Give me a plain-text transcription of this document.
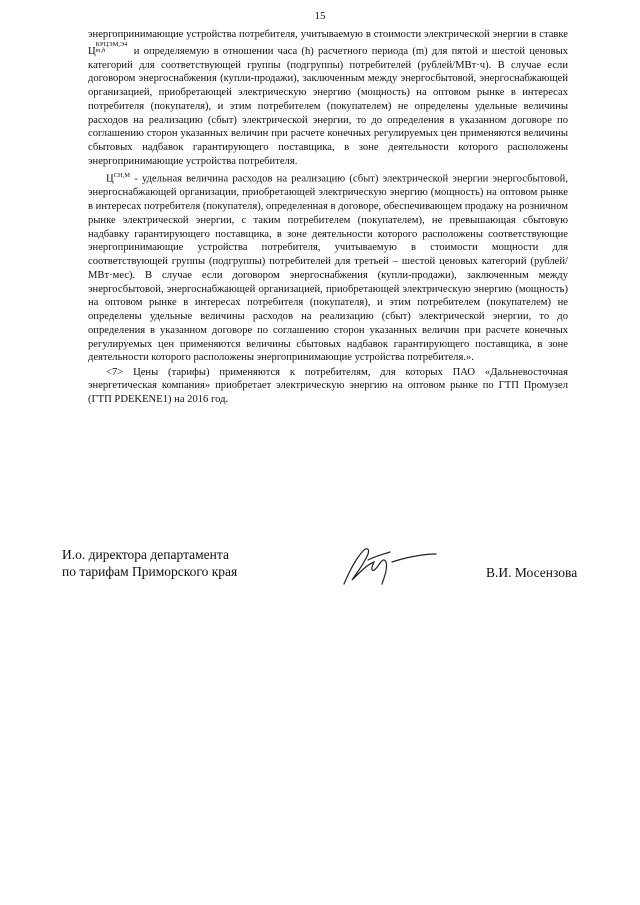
15

энергопринимающие устройства потребителя, учитываемую в стоимости электрической энергии в ставке Ц
КРЦЭМ,Э4
m,h	и определяемую в отношении часа (h) расчетного периода (m) для пятой и шестой ценовых категорий для соответствующей группы (подгруппы) потребителей (рублей/МВт·ч). В случае если договором энергоснабжения (купли-продажи), заключенным между энергосбытовой, энергоснабжающей организацией, приобретающей электрическую энергию (мощность) на оптовом рынке в интересах потребителя (покупателя), и этим потребителем (покупателем) не определены удельные величины расходов на реализацию (сбыт) электрической энергии, то до определения в указанном договоре по соглашению сторон указанных величин при расчете конечных регулируемых цен применяются величины сбытовых надбавок гарантирующего поставщика, в зоне деятельности которого расположены энергопринимающие устройства потребителя.

$Ц^{СН,М}$ - удельная величина расходов на реализацию (сбыт) электрической энергии энергосбытовой, энергоснабжающей организации, приобретающей электрическую энергию (мощность) на оптовом рынке в интересах потребителя (покупателя), определенная в договоре, обеспечивающем продажу на розничном рынке электрической энергии, с таким потребителем (покупателем), не превышающая сбытовую надбавку гарантирующего поставщика, в зоне деятельности которого расположены соответствующие энергопринимающие устройства потребителя, учитываемую в стоимости мощности для соответствующей группы (подгруппы) потребителей для третьей – шестой ценовых категорий (рублей/МВт·мес). В случае если договором энергоснабжения (купли-продажи), заключенным между энергосбытовой, энергоснабжающей организацией, приобретающей электрическую энергию (мощность) на оптовом рынке в интересах потребителя (покупателя), и этим потребителем (покупателем) не определены удельные величины расходов на реализацию (сбыт) электрической энергии, то до определения в указанном договоре по соглашению сторон указанных величин при расчете конечных регулируемых цен применяются величины сбытовых надбавок гарантирующего поставщика, в зоне деятельности которого расположены энергопринимающие устройства потребителя.».

<7> Цены (тарифы) применяются к потребителям, для которых ПАО «Дальневосточная энергетическая компания» приобретает электрическую энергию на оптовом рынке по ГТП Промузел (ГТП PDEKENE1) на 2016 год.

И.о. директора департамента
по тарифам Приморского края	В.И. Мосензова
